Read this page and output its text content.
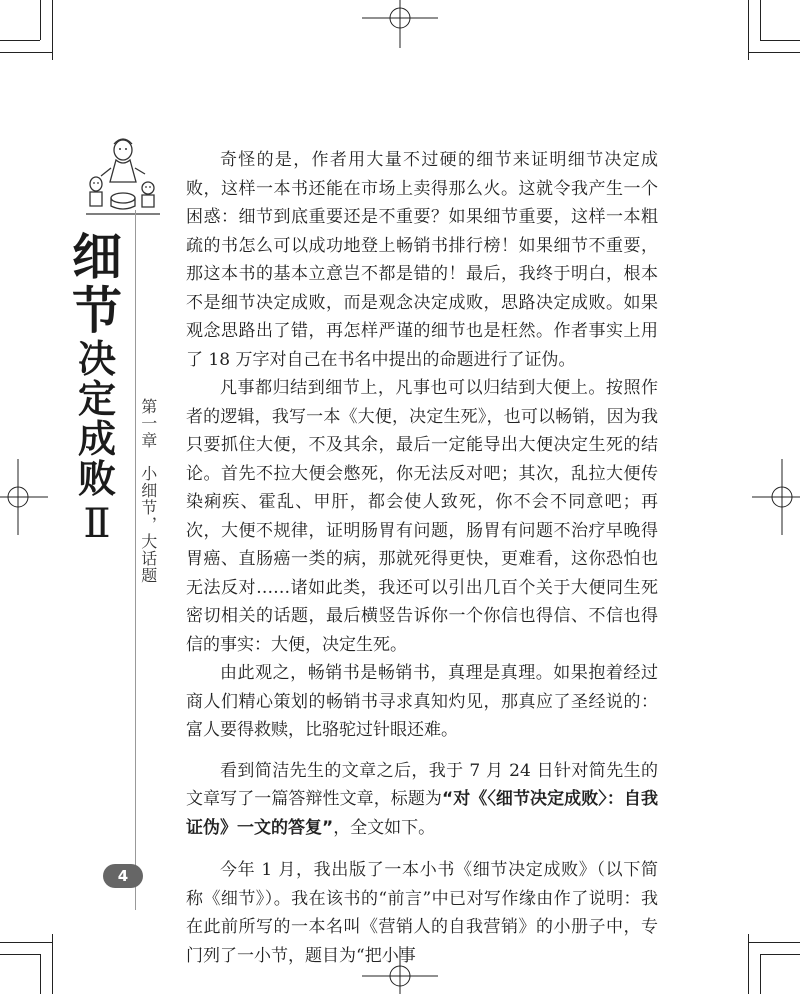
细
节
决
定
成
败
Ⅱ
第一章 小细节，大话题
4

奇怪的是，作者用大量不过硬的细节来证明细节决定成败，这样一本书还能在市场上卖得那么火。这就令我产生一个困惑：细节到底重要还是不重要？如果细节重要，这样一本粗疏的书怎么可以成功地登上畅销书排行榜！如果细节不重要，那这本书的基本立意岂不都是错的！最后，我终于明白，根本不是细节决定成败，而是观念决定成败，思路决定成败。如果观念思路出了错，再怎样严谨的细节也是枉然。作者事实上用了 18 万字对自己在书名中提出的命题进行了证伪。

凡事都归结到细节上，凡事也可以归结到大便上。按照作者的逻辑，我写一本《大便，决定生死》，也可以畅销，因为我只要抓住大便，不及其余，最后一定能导出大便决定生死的结论。首先不拉大便会憋死，你无法反对吧；其次，乱拉大便传染痢疾、霍乱、甲肝，都会使人致死，你不会不同意吧；再次，大便不规律，证明肠胃有问题，肠胃有问题不治疗早晚得胃癌、直肠癌一类的病，那就死得更快，更难看，这你恐怕也无法反对……诸如此类，我还可以引出几百个关于大便同生死密切相关的话题，最后横竖告诉你一个你信也得信、不信也得信的事实：大便，决定生死。

由此观之，畅销书是畅销书，真理是真理。如果抱着经过商人们精心策划的畅销书寻求真知灼见，那真应了圣经说的：富人要得救赎，比骆驼过针眼还难。

看到简洁先生的文章之后，我于 7 月 24 日针对简先生的文章写了一篇答辩性文章，标题为“对《〈细节决定成败〉：自我证伪》一文的答复”，全文如下。

今年 1 月，我出版了一本小书《细节决定成败》（以下简称《细节》）。我在该书的“前言”中已对写作缘由作了说明：我在此前所写的一本名叫《营销人的自我营销》的小册子中，专门列了一小节，题目为“把小事
